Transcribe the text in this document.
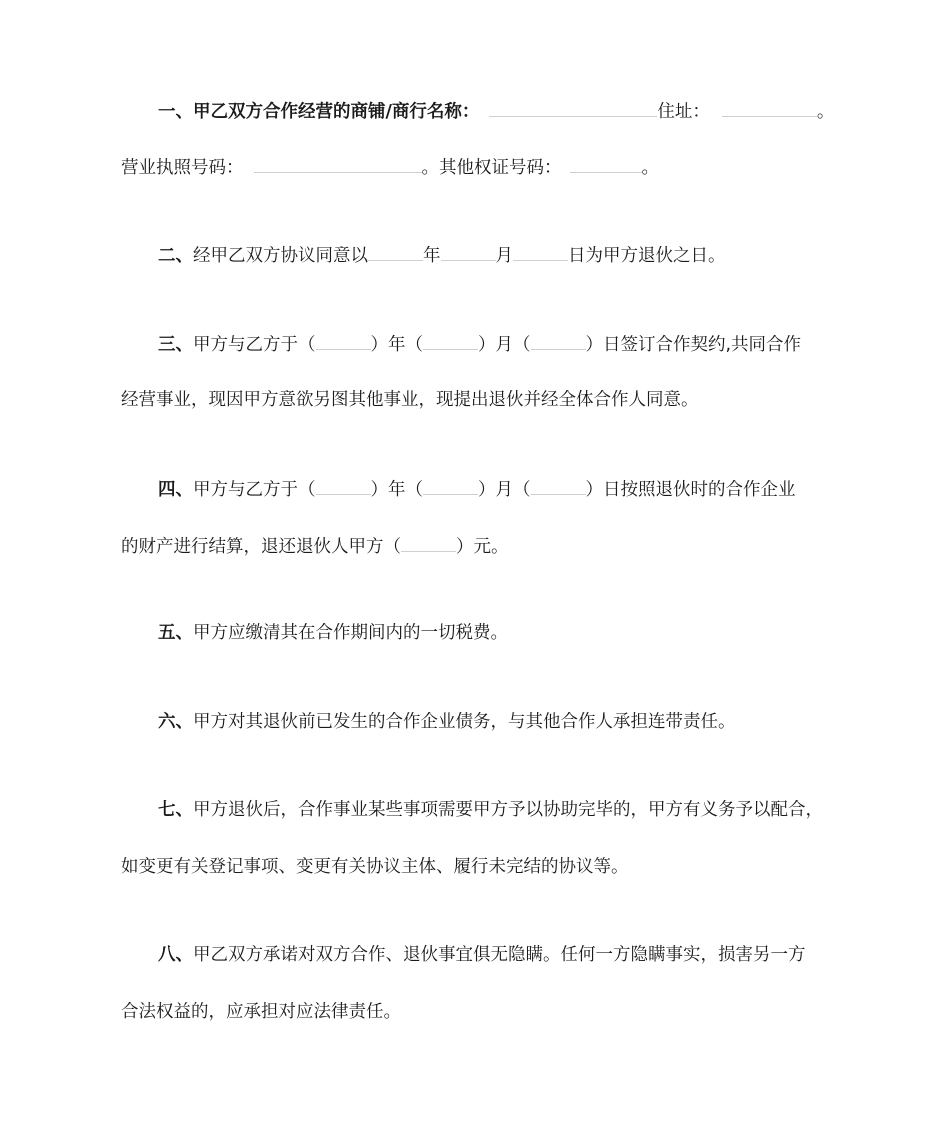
一、甲乙双方合作经营的商铺/商行名称：	住址：	。
营业执照号码：	。其他权证号码：	。
二、经甲乙双方协议同意以	年	月	日为甲方退伙之日。
三、甲方与乙方于（	）年（	）月（	）日签订合作契约,共同合作
经营事业，现因甲方意欲另图其他事业，现提出退伙并经全体合作人同意。
四、甲方与乙方于（	）年（	）月（	）日按照退伙时的合作企业
的财产进行结算，退还退伙人甲方（	）元。
五、甲方应缴清其在合作期间内的一切税费。
六、甲方对其退伙前已发生的合作企业债务，与其他合作人承担连带责任。
七、甲方退伙后，合作事业某些事项需要甲方予以协助完毕的，甲方有义务予以配合，
如变更有关登记事项、变更有关协议主体、履行未完结的协议等。
八、甲乙双方承诺对双方合作、退伙事宜俱无隐瞒。任何一方隐瞒事实，损害另一方
合法权益的，应承担对应法律责任。
